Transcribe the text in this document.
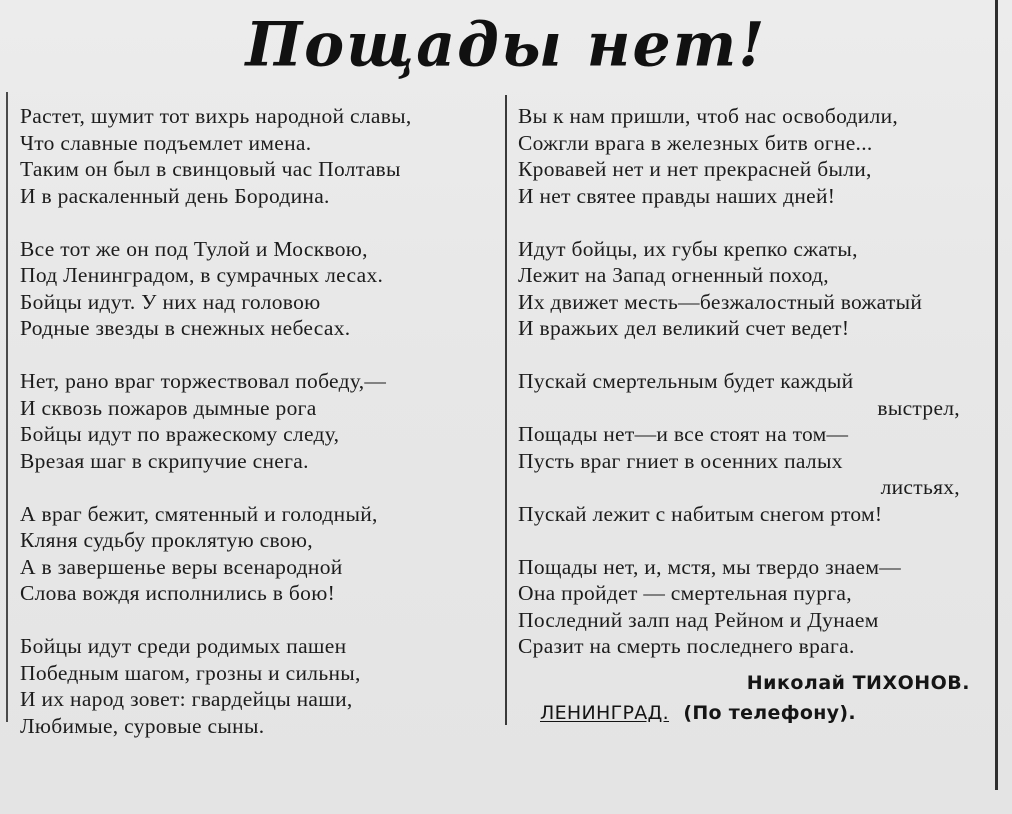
Пощады нет!
Растет, шумит тот вихрь народной славы,
Что славные подъемлет имена.
Таким он был в свинцовый час Полтавы
И в раскаленный день Бородина.
Все тот же он под Тулой и Москвою,
Под Ленинградом, в сумрачных лесах.
Бойцы идут. У них над головою
Родные звезды в снежных небесах.
Нет, рано враг торжествовал победу,—
И сквозь пожаров дымные рога
Бойцы идут по вражескому следу,
Врезая шаг в скрипучие снега.
А враг бежит, смятенный и голодный,
Кляня судьбу проклятую свою,
А в завершенье веры всенародной
Слова вождя исполнились в бою!
Бойцы идут среди родимых пашен
Победным шагом, грозны и сильны,
И их народ зовет: гвардейцы наши,
Любимые, суровые сыны.
Вы к нам пришли, чтоб нас освободили,
Сожгли врага в железных битв огне...
Кровавей нет и нет прекрасней были,
И нет святее правды наших дней!
Идут бойцы, их губы крепко сжаты,
Лежит на Запад огненный поход,
Их движет месть—безжалостный вожатый
И вражьих дел великий счет ведет!
Пускай смертельным будет каждый
выстрел,
Пощады нет—и все стоят на том—
Пусть враг гниет в осенних палых
листьях,
Пускай лежит с набитым снегом ртом!
Пощады нет, и, мстя, мы твердо знаем—
Она пройдет — смертельная пурга,
Последний залп над Рейном и Дунаем
Сразит на смерть последнего врага.
Николай ТИХОНОВ.
ЛЕНИНГРАД. (По телефону).
